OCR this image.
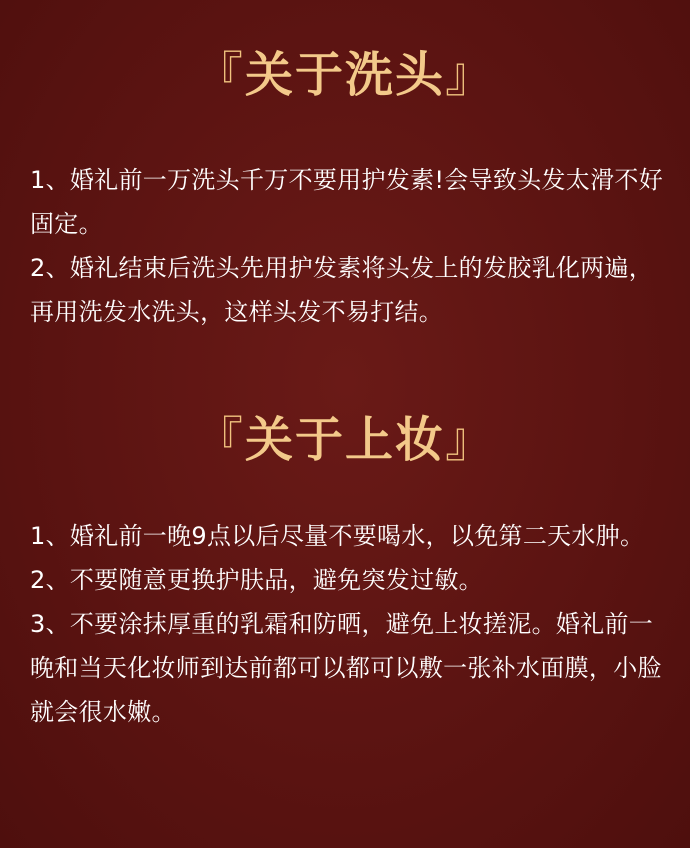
『关于洗头』
1、婚礼前一万洗头千万不要用护发素!会导致头发太滑不好固定。
2、婚礼结束后洗头先用护发素将头发上的发胶乳化两遍，再用洗发水洗头，这样头发不易打结。
『关于上妆』
1、婚礼前一晚9点以后尽量不要喝水，以免第二天水肿。
2、不要随意更换护肤品，避免突发过敏。
3、不要涂抹厚重的乳霜和防晒，避免上妆搓泥。婚礼前一晚和当天化妆师到达前都可以都可以敷一张补水面膜，小脸就会很水嫩。
